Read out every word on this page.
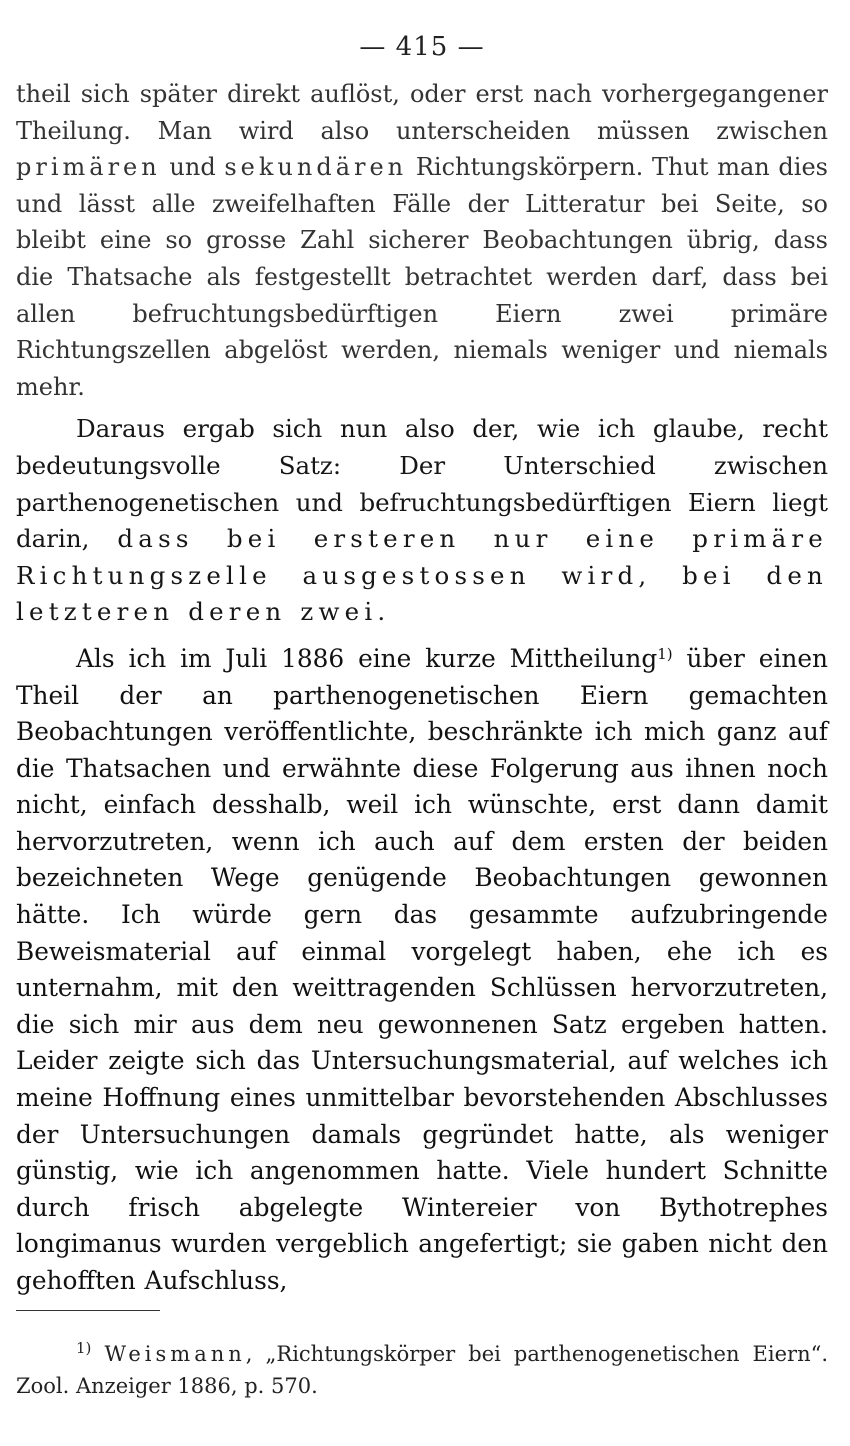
— 415 —

theil sich später direkt auflöst, oder erst nach vorhergegangener Theilung. Man wird also unterscheiden müssen zwischen primären und sekundären Richtungskörpern. Thut man dies und lässt alle zweifelhaften Fälle der Litteratur bei Seite, so bleibt eine so grosse Zahl sicherer Beobachtungen übrig, dass die Thatsache als festgestellt betrachtet werden darf, dass bei allen befruchtungsbedürftigen Eiern zwei primäre Richtungszellen abgelöst werden, niemals weniger und niemals mehr.

Daraus ergab sich nun also der, wie ich glaube, recht bedeutungsvolle Satz: Der Unterschied zwischen parthenogenetischen und befruchtungsbedürftigen Eiern liegt darin, dass bei ersteren nur eine primäre Richtungszelle ausgestossen wird, bei den letzteren deren zwei.

Als ich im Juli 1886 eine kurze Mittheilung$^{1)}$ über einen Theil der an parthenogenetischen Eiern gemachten Beobachtungen veröffentlichte, beschränkte ich mich ganz auf die Thatsachen und erwähnte diese Folgerung aus ihnen noch nicht, einfach desshalb, weil ich wünschte, erst dann damit hervorzutreten, wenn ich auch auf dem ersten der beiden bezeichneten Wege genügende Beobachtungen gewonnen hätte. Ich würde gern das gesammte aufzubringende Beweismaterial auf einmal vorgelegt haben, ehe ich es unternahm, mit den weittragenden Schlüssen hervorzutreten, die sich mir aus dem neu gewonnenen Satz ergeben hatten. Leider zeigte sich das Untersuchungsmaterial, auf welches ich meine Hoffnung eines unmittelbar bevorstehenden Abschlusses der Untersuchungen damals gegründet hatte, als weniger günstig, wie ich angenommen hatte. Viele hundert Schnitte durch frisch abgelegte Wintereier von Bythotrephes longimanus wurden vergeblich angefertigt; sie gaben nicht den gehofften Aufschluss,

$^{1)}$ Weismann, „Richtungskörper bei parthenogenetischen Eiern“.
Zool. Anzeiger 1886, p. 570.
